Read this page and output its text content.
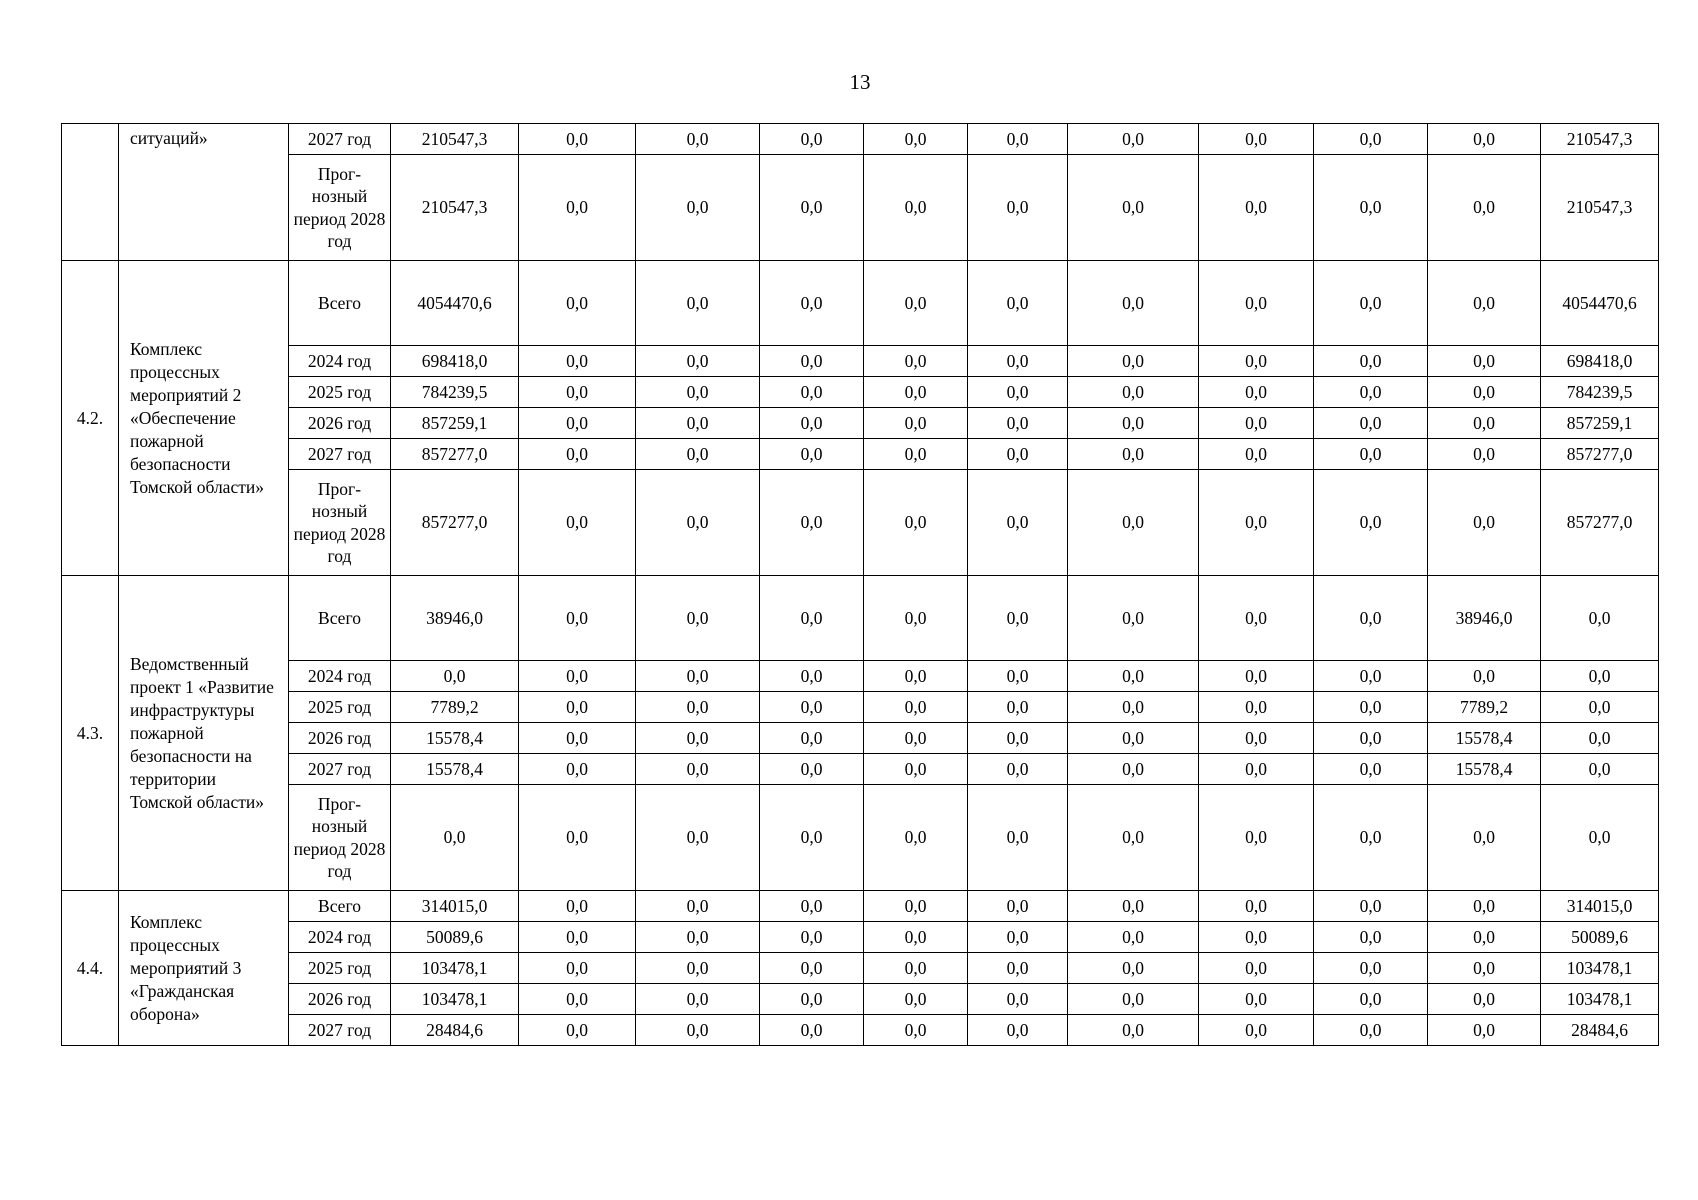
13
	ситуаций»	2027 год	210547,3	0,0	0,0	0,0	0,0	0,0	0,0	0,0	0,0	0,0	210547,3
		Прог-нозный период 2028 год	210547,3	0,0	0,0	0,0	0,0	0,0	0,0	0,0	0,0	0,0	210547,3
4.2.	Комплекс процессных мероприятий 2 «Обеспечение пожарной безопасности Томской области»	Всего	4054470,6	0,0	0,0	0,0	0,0	0,0	0,0	0,0	0,0	0,0	4054470,6
		2024 год	698418,0	0,0	0,0	0,0	0,0	0,0	0,0	0,0	0,0	0,0	698418,0
		2025 год	784239,5	0,0	0,0	0,0	0,0	0,0	0,0	0,0	0,0	0,0	784239,5
		2026 год	857259,1	0,0	0,0	0,0	0,0	0,0	0,0	0,0	0,0	0,0	857259,1
		2027 год	857277,0	0,0	0,0	0,0	0,0	0,0	0,0	0,0	0,0	0,0	857277,0
		Прог-нозный период 2028 год	857277,0	0,0	0,0	0,0	0,0	0,0	0,0	0,0	0,0	0,0	857277,0
4.3.	Ведомственный проект 1 «Развитие инфраструктуры пожарной безопасности на территории Томской области»	Всего	38946,0	0,0	0,0	0,0	0,0	0,0	0,0	0,0	0,0	38946,0	0,0
		2024 год	0,0	0,0	0,0	0,0	0,0	0,0	0,0	0,0	0,0	0,0	0,0
		2025 год	7789,2	0,0	0,0	0,0	0,0	0,0	0,0	0,0	0,0	7789,2	0,0
		2026 год	15578,4	0,0	0,0	0,0	0,0	0,0	0,0	0,0	0,0	15578,4	0,0
		2027 год	15578,4	0,0	0,0	0,0	0,0	0,0	0,0	0,0	0,0	15578,4	0,0
		Прог-нозный период 2028 год	0,0	0,0	0,0	0,0	0,0	0,0	0,0	0,0	0,0	0,0	0,0
4.4.	Комплекс процессных мероприятий 3 «Гражданская оборона»	Всего	314015,0	0,0	0,0	0,0	0,0	0,0	0,0	0,0	0,0	0,0	314015,0
		2024 год	50089,6	0,0	0,0	0,0	0,0	0,0	0,0	0,0	0,0	0,0	50089,6
		2025 год	103478,1	0,0	0,0	0,0	0,0	0,0	0,0	0,0	0,0	0,0	103478,1
		2026 год	103478,1	0,0	0,0	0,0	0,0	0,0	0,0	0,0	0,0	0,0	103478,1
		2027 год	28484,6	0,0	0,0	0,0	0,0	0,0	0,0	0,0	0,0	0,0	28484,6
